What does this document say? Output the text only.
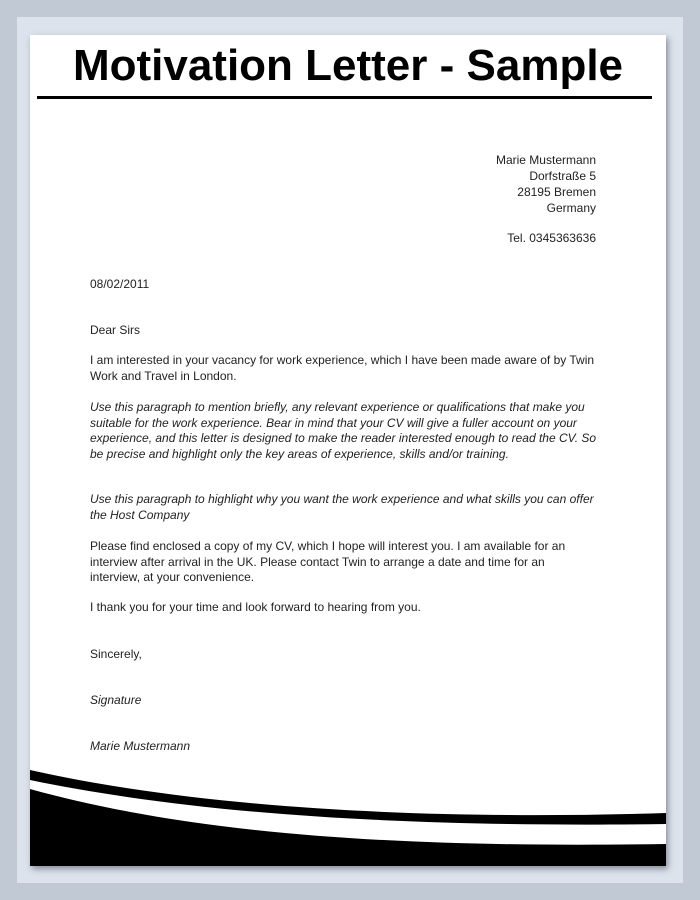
Motivation Letter - Sample
Marie Mustermann
Dorfstraße 5
28195 Bremen
Germany
Tel. 0345363636
08/02/2011
Dear Sirs
I am interested in your vacancy for work experience, which I have been made aware of by Twin Work and Travel in London.
Use this paragraph to mention briefly, any relevant experience or qualifications that make you suitable for the work experience. Bear in mind that your CV will give a fuller account on your experience, and this letter is designed to make the reader interested enough to read the CV. So be precise and highlight only the key areas of experience, skills and/or training.
Use this paragraph to highlight why you want the work experience and what skills you can offer the Host Company
Please find enclosed a copy of my CV, which I hope will interest you. I am available for an interview after arrival in the UK. Please contact Twin to arrange a date and time for an interview, at your convenience.
I thank you for your time and look forward to hearing from you.
Sincerely,
Signature
Marie Mustermann
